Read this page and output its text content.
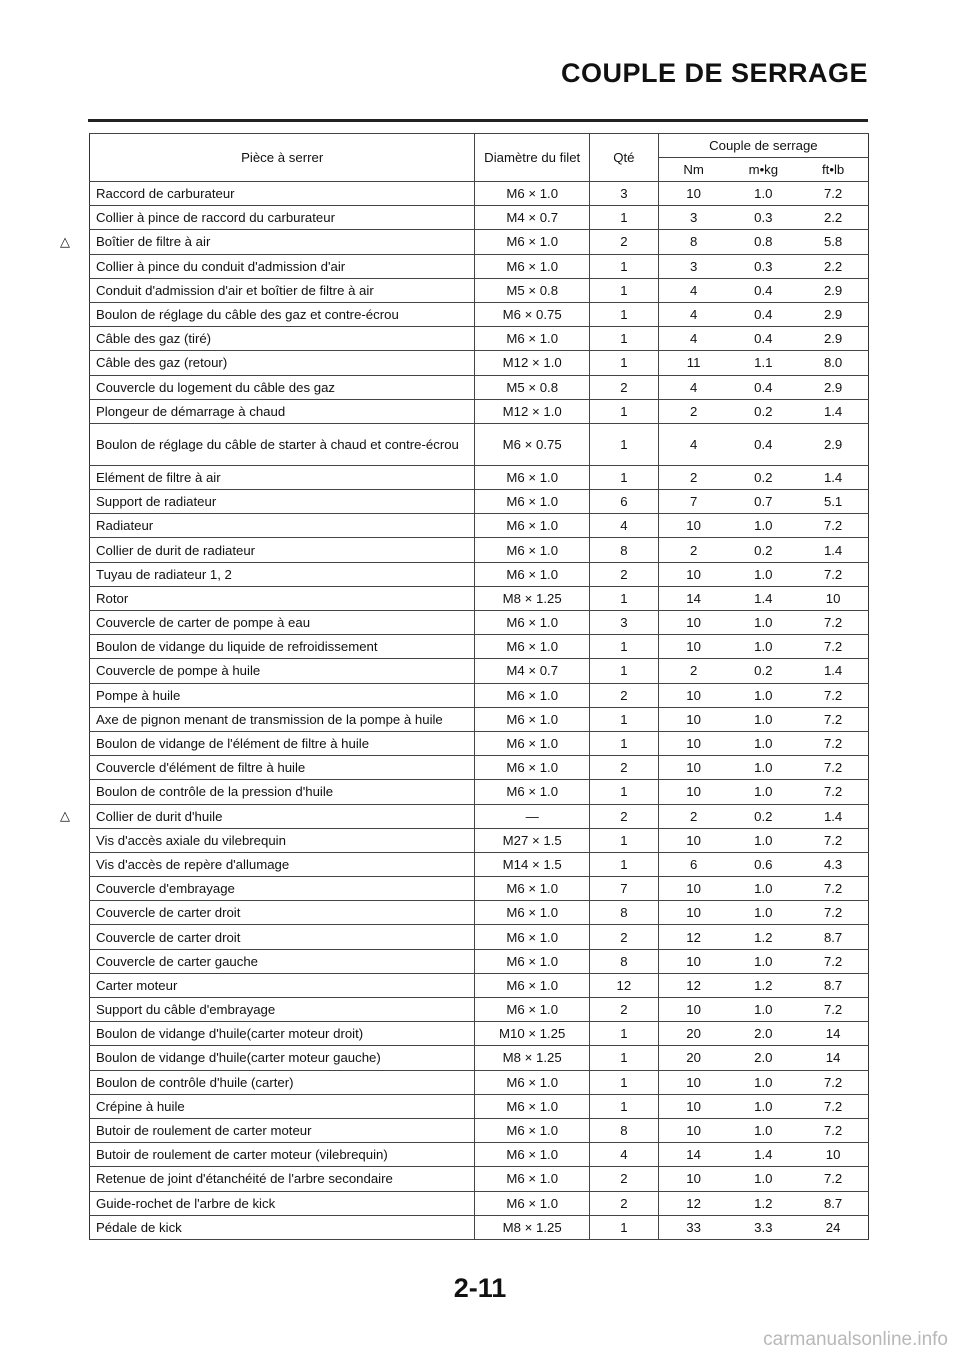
COUPLE DE SERRAGE
△
△
Pièce à serrer	Diamètre du filet	Qté	Couple de serrage		
			Nm	m•kg	ft•lb
Raccord de carburateur	M6 × 1.0	3	10	1.0	7.2
Collier à pince de raccord du carburateur	M4 × 0.7	1	3	0.3	2.2
Boîtier de filtre à air	M6 × 1.0	2	8	0.8	5.8
Collier à pince du conduit d'admission d'air	M6 × 1.0	1	3	0.3	2.2
Conduit d'admission d'air et boîtier de filtre à air	M5 × 0.8	1	4	0.4	2.9
Boulon de réglage du câble des gaz et contre-écrou	M6 × 0.75	1	4	0.4	2.9
Câble des gaz (tiré)	M6 × 1.0	1	4	0.4	2.9
Câble des gaz (retour)	M12 × 1.0	1	11	1.1	8.0
Couvercle du logement du câble des gaz	M5 × 0.8	2	4	0.4	2.9
Plongeur de démarrage à chaud	M12 × 1.0	1	2	0.2	1.4
Boulon de réglage du câble de starter à chaud et contre-écrou	M6 × 0.75	1	4	0.4	2.9
Elément de filtre à air	M6 × 1.0	1	2	0.2	1.4
Support de radiateur	M6 × 1.0	6	7	0.7	5.1
Radiateur	M6 × 1.0	4	10	1.0	7.2
Collier de durit de radiateur	M6 × 1.0	8	2	0.2	1.4
Tuyau de radiateur 1, 2	M6 × 1.0	2	10	1.0	7.2
Rotor	M8 × 1.25	1	14	1.4	10
Couvercle de carter de pompe à eau	M6 × 1.0	3	10	1.0	7.2
Boulon de vidange du liquide de refroidissement	M6 × 1.0	1	10	1.0	7.2
Couvercle de pompe à huile	M4 × 0.7	1	2	0.2	1.4
Pompe à huile	M6 × 1.0	2	10	1.0	7.2
Axe de pignon menant de transmission de la pompe à huile	M6 × 1.0	1	10	1.0	7.2
Boulon de vidange de l'élément de filtre à huile	M6 × 1.0	1	10	1.0	7.2
Couvercle d'élément de filtre à huile	M6 × 1.0	2	10	1.0	7.2
Boulon de contrôle de la pression d'huile	M6 × 1.0	1	10	1.0	7.2
Collier de durit d'huile	—	2	2	0.2	1.4
Vis d'accès axiale du vilebrequin	M27 × 1.5	1	10	1.0	7.2
Vis d'accès de repère d'allumage	M14 × 1.5	1	6	0.6	4.3
Couvercle d'embrayage	M6 × 1.0	7	10	1.0	7.2
Couvercle de carter droit	M6 × 1.0	8	10	1.0	7.2
Couvercle de carter droit	M6 × 1.0	2	12	1.2	8.7
Couvercle de carter gauche	M6 × 1.0	8	10	1.0	7.2
Carter moteur	M6 × 1.0	12	12	1.2	8.7
Support du câble d'embrayage	M6 × 1.0	2	10	1.0	7.2
Boulon de vidange d'huile(carter moteur droit)	M10 × 1.25	1	20	2.0	14
Boulon de vidange d'huile(carter moteur gauche)	M8 × 1.25	1	20	2.0	14
Boulon de contrôle d'huile (carter)	M6 × 1.0	1	10	1.0	7.2
Crépine à huile	M6 × 1.0	1	10	1.0	7.2
Butoir de roulement de carter moteur	M6 × 1.0	8	10	1.0	7.2
Butoir de roulement de carter moteur (vilebrequin)	M6 × 1.0	4	14	1.4	10
Retenue de joint d'étanchéité de l'arbre secondaire	M6 × 1.0	2	10	1.0	7.2
Guide-rochet de l'arbre de kick	M6 × 1.0	2	12	1.2	8.7
Pédale de kick	M8 × 1.25	1	33	3.3	24
2-11
carmanualsonline.info
